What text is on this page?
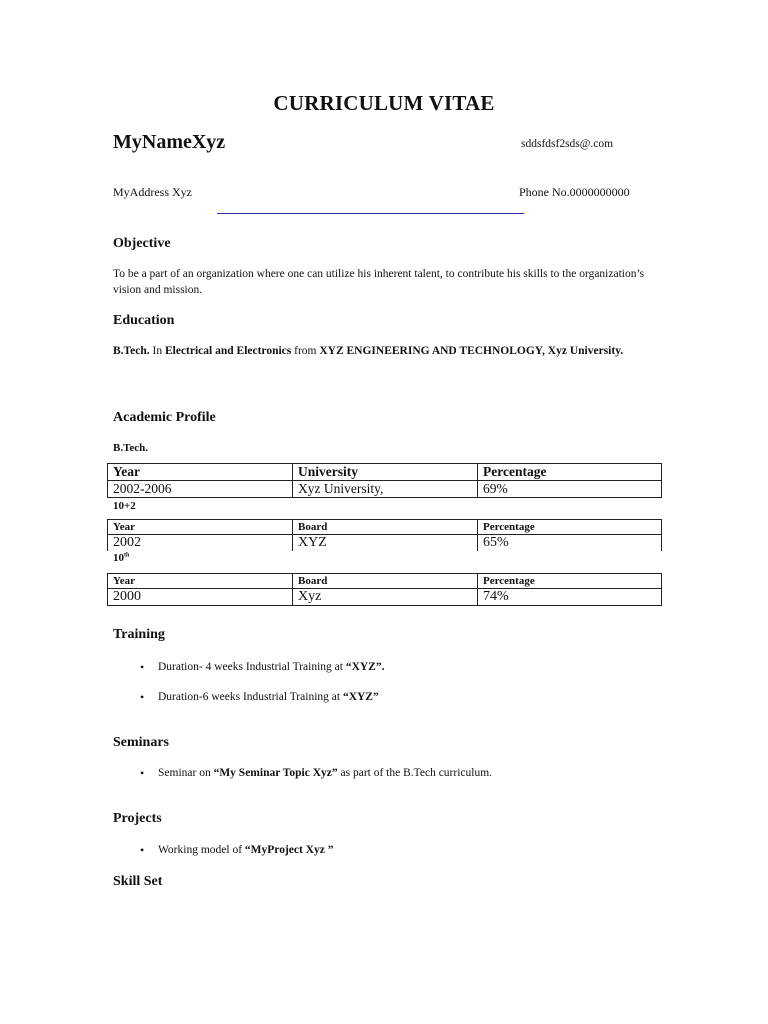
CURRICULUM VITAE
MyNameXyz	sddsfdsf2sds@.com
MyAddress Xyz	Phone No.0000000000
Objective
To be a part of an organization where one can utilize his inherent talent, to contribute his skills to the organization’s vision and mission.
Education
B.Tech. In Electrical and Electronics from XYZ ENGINEERING AND TECHNOLOGY, Xyz University.
Academic Profile
B.Tech.
Year	University	Percentage
2002-2006	Xyz University,	69%
10+2
Year	Board	Percentage
2002	XYZ	65%
10th
Year	Board	Percentage
2000	Xyz	74%
Training
• Duration- 4 weeks Industrial Training at “XYZ”.
• Duration-6 weeks Industrial Training at “XYZ”
Seminars
• Seminar on “My Seminar Topic Xyz” as part of the B.Tech curriculum.
Projects
• Working model of “MyProject Xyz ”
Skill Set
